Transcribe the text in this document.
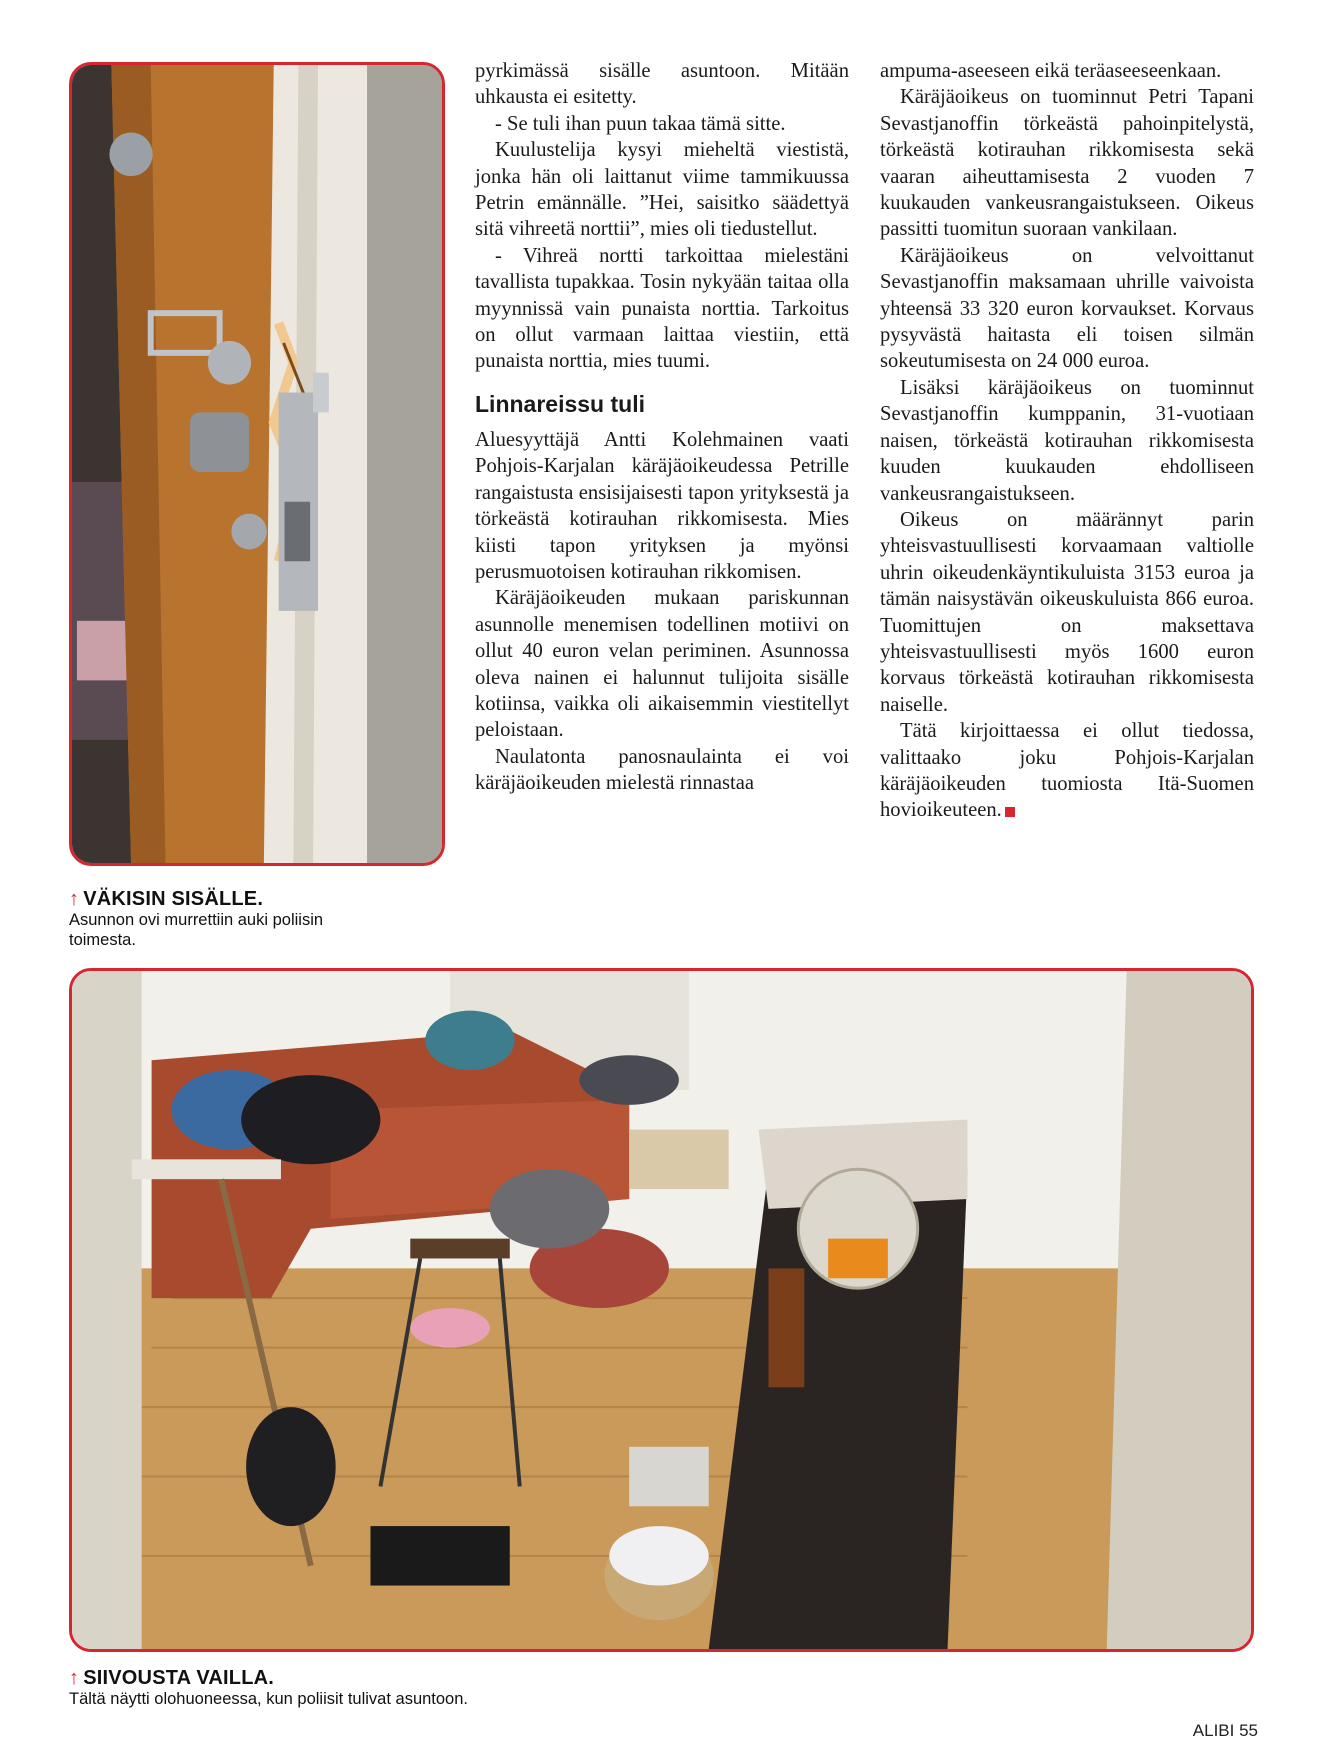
↑ VÄKISIN SISÄLLE.
Asunnon ovi murrettiin auki poliisin toimesta.

pyrkimässä sisälle asuntoon. Mitään uhkausta ei esitetty.

- Se tuli ihan puun takaa tämä sitte.

Kuulustelija kysyi mieheltä viestistä, jonka hän oli laittanut viime tammikuussa Petrin emännälle. ”Hei, saisitko säädettyä sitä vihreetä norttii”, mies oli tiedustellut.

- Vihreä nortti tarkoittaa mielestäni tavallista tupakkaa. Tosin nykyään taitaa olla myynnissä vain punaista norttia. Tarkoitus on ollut varmaan laittaa viestiin, että punaista norttia, mies tuumi.

Linnareissu tuli

Aluesyyttäjä Antti Kolehmainen vaati Pohjois-Karjalan käräjäoikeudessa Petrille rangaistusta ensisijaisesti tapon yrityksestä ja törkeästä kotirauhan rikkomisesta. Mies kiisti tapon yrityksen ja myönsi perusmuotoisen kotirauhan rikkomisen.

Käräjäoikeuden mukaan pariskunnan asunnolle menemisen todellinen motiivi on ollut 40 euron velan periminen. Asunnossa oleva nainen ei halunnut tulijoita sisälle kotiinsa, vaikka oli aikaisemmin viestitellyt peloistaan.

Naulatonta panosnaulainta ei voi käräjäoikeuden mielestä rinnastaa

ampuma-aseeseen eikä teräaseeseenkaan.

Käräjäoikeus on tuominnut Petri Tapani Sevastjanoffin törkeästä pahoinpitelystä, törkeästä kotirauhan rikkomisesta sekä vaaran aiheuttamisesta 2 vuoden 7 kuukauden vankeusrangaistukseen. Oikeus passitti tuomitun suoraan vankilaan.

Käräjäoikeus on velvoittanut Sevastjanoffin maksamaan uhrille vaivoista yhteensä 33 320 euron korvaukset. Korvaus pysyvästä haitasta eli toisen silmän sokeutumisesta on 24 000 euroa.

Lisäksi käräjäoikeus on tuominnut Sevastjanoffin kumppanin, 31-vuotiaan naisen, törkeästä kotirauhan rikkomisesta kuuden kuukauden ehdolliseen vankeusrangaistukseen.

Oikeus on määrännyt parin yhteisvastuullisesti korvaamaan valtiolle uhrin oikeudenkäyntikuluista 3153 euroa ja tämän naisystävän oikeuskuluista 866 euroa. Tuomittujen on maksettava yhteisvastuullisesti myös 1600 euron korvaus törkeästä kotirauhan rikkomisesta naiselle.

Tätä kirjoittaessa ei ollut tiedossa, valittaako joku Pohjois-Karjalan käräjäoikeuden tuomiosta Itä-Suomen hovioikeuteen.

↑ SIIVOUSTA VAILLA.
Tältä näytti olohuoneessa, kun poliisit tulivat asuntoon.
ALIBI 55
